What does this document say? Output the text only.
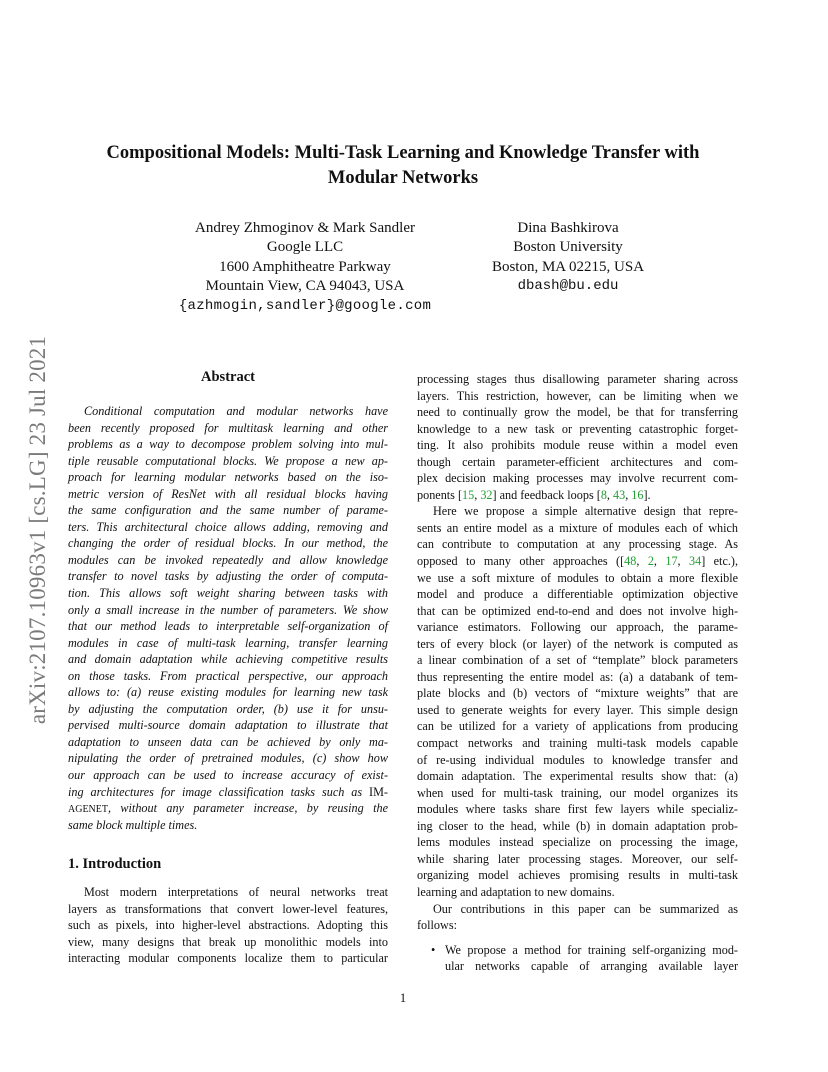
arXiv:2107.10963v1 [cs.LG] 23 Jul 2021
Compositional Models: Multi-Task Learning and Knowledge Transfer with Modular Networks
Andrey Zhmoginov & Mark Sandler
Google LLC
1600 Amphitheatre Parkway
Mountain View, CA 94043, USA
{azhmogin,sandler}@google.com
Dina Bashkirova
Boston University
Boston, MA 02215, USA
dbash@bu.edu
Abstract
Conditional computation and modular networks have
been recently proposed for multitask learning and other
problems as a way to decompose problem solving into mul-
tiple reusable computational blocks. We propose a new ap-
proach for learning modular networks based on the iso-
metric version of ResNet with all residual blocks having
the same configuration and the same number of parame-
ters. This architectural choice allows adding, removing and
changing the order of residual blocks. In our method, the
modules can be invoked repeatedly and allow knowledge
transfer to novel tasks by adjusting the order of computa-
tion. This allows soft weight sharing between tasks with
only a small increase in the number of parameters. We show
that our method leads to interpretable self-organization of
modules in case of multi-task learning, transfer learning
and domain adaptation while achieving competitive results
on those tasks. From practical perspective, our approach
allows to: (a) reuse existing modules for learning new task
by adjusting the computation order, (b) use it for unsu-
pervised multi-source domain adaptation to illustrate that
adaptation to unseen data can be achieved by only ma-
nipulating the order of pretrained modules, (c) show how
our approach can be used to increase accuracy of exist-
ing architectures for image classification tasks such as IM-
AGENET, without any parameter increase, by reusing the
same block multiple times.
1. Introduction
Most modern interpretations of neural networks treat
layers as transformations that convert lower-level features,
such as pixels, into higher-level abstractions. Adopting this
view, many designs that break up monolithic models into
interacting modular components localize them to particular
processing stages thus disallowing parameter sharing across
layers. This restriction, however, can be limiting when we
need to continually grow the model, be that for transferring
knowledge to a new task or preventing catastrophic forget-
ting. It also prohibits module reuse within a model even
though certain parameter-efficient architectures and com-
plex decision making processes may involve recurrent com-
ponents [15, 32] and feedback loops [8, 43, 16].
Here we propose a simple alternative design that repre-
sents an entire model as a mixture of modules each of which
can contribute to computation at any processing stage. As
opposed to many other approaches ([48, 2, 17, 34] etc.),
we use a soft mixture of modules to obtain a more flexible
model and produce a differentiable optimization objective
that can be optimized end-to-end and does not involve high-
variance estimators. Following our approach, the parame-
ters of every block (or layer) of the network is computed as
a linear combination of a set of “template” block parameters
thus representing the entire model as: (a) a databank of tem-
plate blocks and (b) vectors of “mixture weights” that are
used to generate weights for every layer. This simple design
can be utilized for a variety of applications from producing
compact networks and training multi-task models capable
of re-using individual modules to knowledge transfer and
domain adaptation. The experimental results show that: (a)
when used for multi-task training, our model organizes its
modules where tasks share first few layers while specializ-
ing closer to the head, while (b) in domain adaptation prob-
lems modules instead specialize on processing the image,
while sharing later processing stages. Moreover, our self-
organizing model achieves promising results in multi-task
learning and adaptation to new domains.
Our contributions in this paper can be summarized as
follows:
• We propose a method for training self-organizing mod-
ular networks capable of arranging available layer
1
